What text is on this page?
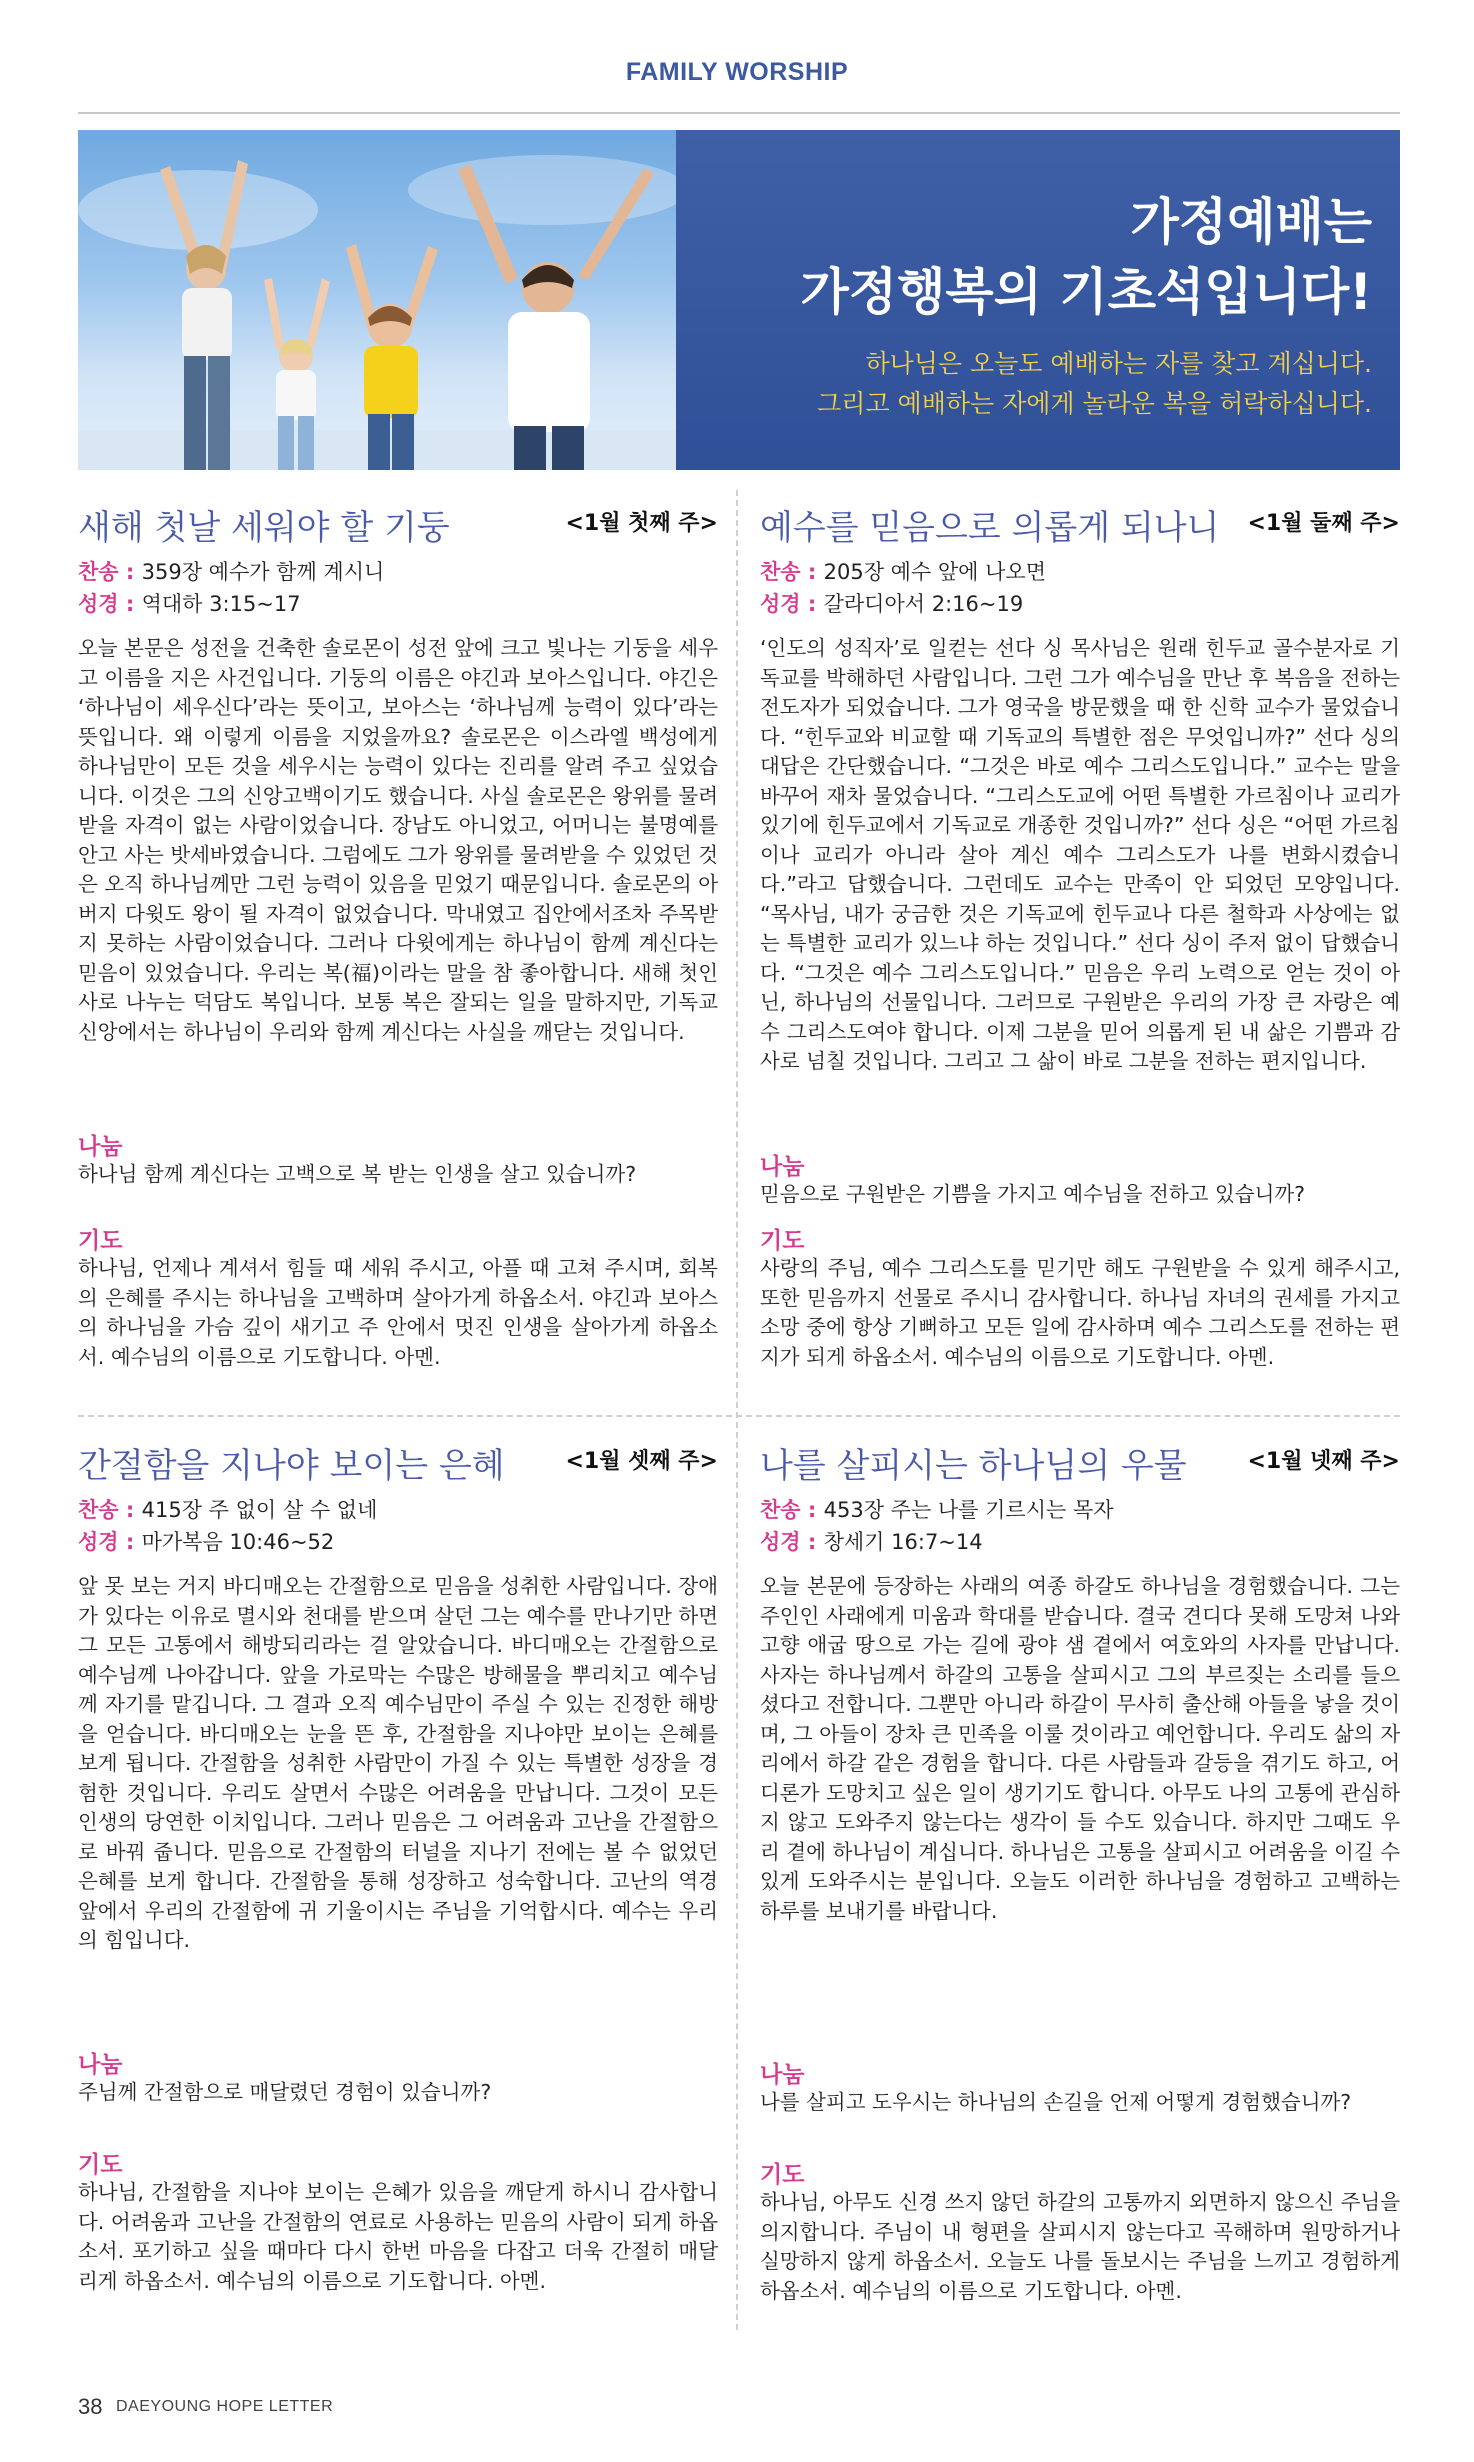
FAMILY WORSHIP
가정예배는
가정행복의 기초석입니다!
하나님은 오늘도 예배하는 자를 찾고 계십니다.
그리고 예배하는 자에게 놀라운 복을 허락하십니다.
새해 첫날 세워야 할 기둥	<1월 첫째 주>
찬송 : 359장 예수가 함께 계시니
성경 : 역대하 3:15~17
오늘 본문은 성전을 건축한 솔로몬이 성전 앞에 크고 빛나는 기둥을 세우고 이름을 지은 사건입니다. 기둥의 이름은 야긴과 보아스입니다. 야긴은 ‘하나님이 세우신다’라는 뜻이고, 보아스는 ‘하나님께 능력이 있다’라는 뜻입니다. 왜 이렇게 이름을 지었을까요? 솔로몬은 이스라엘 백성에게 하나님만이 모든 것을 세우시는 능력이 있다는 진리를 알려 주고 싶었습니다. 이것은 그의 신앙고백이기도 했습니다. 사실 솔로몬은 왕위를 물려받을 자격이 없는 사람이었습니다. 장남도 아니었고, 어머니는 불명예를 안고 사는 밧세바였습니다. 그럼에도 그가 왕위를 물려받을 수 있었던 것은 오직 하나님께만 그런 능력이 있음을 믿었기 때문입니다. 솔로몬의 아버지 다윗도 왕이 될 자격이 없었습니다. 막내였고 집안에서조차 주목받지 못하는 사람이었습니다. 그러나 다윗에게는 하나님이 함께 계신다는 믿음이 있었습니다. 우리는 복(福)이라는 말을 참 좋아합니다. 새해 첫인사로 나누는 덕담도 복입니다. 보통 복은 잘되는 일을 말하지만, 기독교 신앙에서는 하나님이 우리와 함께 계신다는 사실을 깨닫는 것입니다.
나눔
하나님 함께 계신다는 고백으로 복 받는 인생을 살고 있습니까?
기도
하나님, 언제나 계셔서 힘들 때 세워 주시고, 아플 때 고쳐 주시며, 회복의 은혜를 주시는 하나님을 고백하며 살아가게 하옵소서. 야긴과 보아스의 하나님을 가슴 깊이 새기고 주 안에서 멋진 인생을 살아가게 하옵소서. 예수님의 이름으로 기도합니다. 아멘.
예수를 믿음으로 의롭게 되나니 <1월 둘째 주>
찬송 : 205장 예수 앞에 나오면
성경 : 갈라디아서 2:16~19
‘인도의 성직자’로 일컫는 선다 싱 목사님은 원래 힌두교 골수분자로 기독교를 박해하던 사람입니다. 그런 그가 예수님을 만난 후 복음을 전하는 전도자가 되었습니다. 그가 영국을 방문했을 때 한 신학 교수가 물었습니다. “힌두교와 비교할 때 기독교의 특별한 점은 무엇입니까?” 선다 싱의 대답은 간단했습니다. “그것은 바로 예수 그리스도입니다.” 교수는 말을 바꾸어 재차 물었습니다. “그리스도교에 어떤 특별한 가르침이나 교리가 있기에 힌두교에서 기독교로 개종한 것입니까?” 선다 싱은 “어떤 가르침이나 교리가 아니라 살아 계신 예수 그리스도가 나를 변화시켰습니다.”라고 답했습니다. 그런데도 교수는 만족이 안 되었던 모양입니다. “목사님, 내가 궁금한 것은 기독교에 힌두교나 다른 철학과 사상에는 없는 특별한 교리가 있느냐 하는 것입니다.” 선다 싱이 주저 없이 답했습니다. “그것은 예수 그리스도입니다.” 믿음은 우리 노력으로 얻는 것이 아닌, 하나님의 선물입니다. 그러므로 구원받은 우리의 가장 큰 자랑은 예수 그리스도여야 합니다. 이제 그분을 믿어 의롭게 된 내 삶은 기쁨과 감사로 넘칠 것입니다. 그리고 그 삶이 바로 그분을 전하는 편지입니다.
나눔
믿음으로 구원받은 기쁨을 가지고 예수님을 전하고 있습니까?
기도
사랑의 주님, 예수 그리스도를 믿기만 해도 구원받을 수 있게 해주시고, 또한 믿음까지 선물로 주시니 감사합니다. 하나님 자녀의 권세를 가지고 소망 중에 항상 기뻐하고 모든 일에 감사하며 예수 그리스도를 전하는 편지가 되게 하옵소서. 예수님의 이름으로 기도합니다. 아멘.
간절함을 지나야 보이는 은혜	<1월 셋째 주>
찬송 : 415장 주 없이 살 수 없네
성경 : 마가복음 10:46~52
앞 못 보는 거지 바디매오는 간절함으로 믿음을 성취한 사람입니다. 장애가 있다는 이유로 멸시와 천대를 받으며 살던 그는 예수를 만나기만 하면 그 모든 고통에서 해방되리라는 걸 알았습니다. 바디매오는 간절함으로 예수님께 나아갑니다. 앞을 가로막는 수많은 방해물을 뿌리치고 예수님께 자기를 맡깁니다. 그 결과 오직 예수님만이 주실 수 있는 진정한 해방을 얻습니다. 바디매오는 눈을 뜬 후, 간절함을 지나야만 보이는 은혜를 보게 됩니다. 간절함을 성취한 사람만이 가질 수 있는 특별한 성장을 경험한 것입니다. 우리도 살면서 수많은 어려움을 만납니다. 그것이 모든 인생의 당연한 이치입니다. 그러나 믿음은 그 어려움과 고난을 간절함으로 바꿔 줍니다. 믿음으로 간절함의 터널을 지나기 전에는 볼 수 없었던 은혜를 보게 합니다. 간절함을 통해 성장하고 성숙합니다. 고난의 역경 앞에서 우리의 간절함에 귀 기울이시는 주님을 기억합시다. 예수는 우리의 힘입니다.
나눔
주님께 간절함으로 매달렸던 경험이 있습니까?
기도
하나님, 간절함을 지나야 보이는 은혜가 있음을 깨닫게 하시니 감사합니다. 어려움과 고난을 간절함의 연료로 사용하는 믿음의 사람이 되게 하옵소서. 포기하고 싶을 때마다 다시 한번 마음을 다잡고 더욱 간절히 매달리게 하옵소서. 예수님의 이름으로 기도합니다. 아멘.
나를 살피시는 하나님의 우물	<1월 넷째 주>
찬송 : 453장 주는 나를 기르시는 목자
성경 : 창세기 16:7~14
오늘 본문에 등장하는 사래의 여종 하갈도 하나님을 경험했습니다. 그는 주인인 사래에게 미움과 학대를 받습니다. 결국 견디다 못해 도망쳐 나와 고향 애굽 땅으로 가는 길에 광야 샘 곁에서 여호와의 사자를 만납니다. 사자는 하나님께서 하갈의 고통을 살피시고 그의 부르짖는 소리를 들으셨다고 전합니다. 그뿐만 아니라 하갈이 무사히 출산해 아들을 낳을 것이며, 그 아들이 장차 큰 민족을 이룰 것이라고 예언합니다. 우리도 삶의 자리에서 하갈 같은 경험을 합니다. 다른 사람들과 갈등을 겪기도 하고, 어디론가 도망치고 싶은 일이 생기기도 합니다. 아무도 나의 고통에 관심하지 않고 도와주지 않는다는 생각이 들 수도 있습니다. 하지만 그때도 우리 곁에 하나님이 계십니다. 하나님은 고통을 살피시고 어려움을 이길 수 있게 도와주시는 분입니다. 오늘도 이러한 하나님을 경험하고 고백하는 하루를 보내기를 바랍니다.
나눔
나를 살피고 도우시는 하나님의 손길을 언제 어떻게 경험했습니까?
기도
하나님, 아무도 신경 쓰지 않던 하갈의 고통까지 외면하지 않으신 주님을 의지합니다. 주님이 내 형편을 살피시지 않는다고 곡해하며 원망하거나 실망하지 않게 하옵소서. 오늘도 나를 돌보시는 주님을 느끼고 경험하게 하옵소서. 예수님의 이름으로 기도합니다. 아멘.
38 DAEYOUNG HOPE LETTER
